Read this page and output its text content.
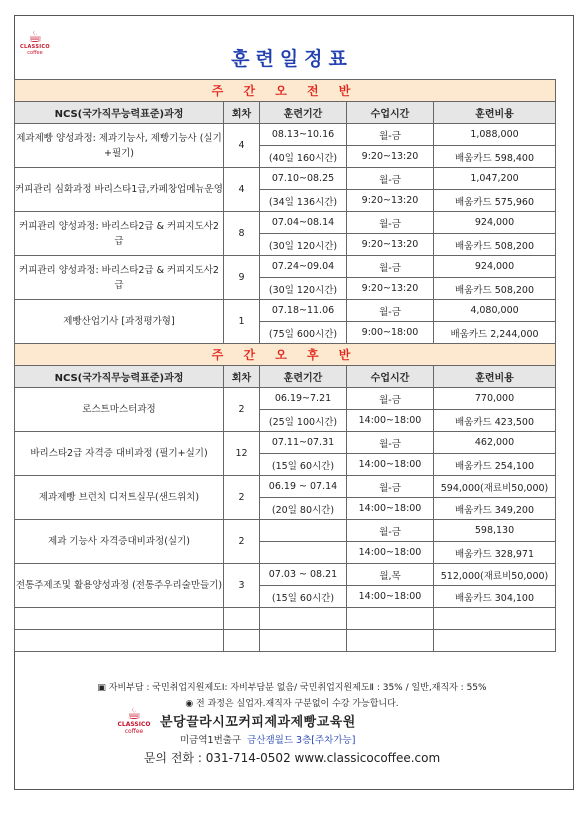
☕
CLASSICO
coffee	훈련일정표
주 간 오 전 반				
NCS(국가직무능력표준)과정	회차	훈련기간	수업시간	훈련비용
제과제빵 양성과정: 제과기능사, 제빵기능사 (실기+필기)	4	08.13~10.16	월-금	1,088,000
		(40일 160시간)	9:20~13:20	배움카드 598,400
커피관리 심화과정 바리스타1급,카페창업메뉴운영	4	07.10~08.25	월-금	1,047,200
		(34일 136시간)	9:20~13:20	배움카드 575,960
커피관리 양성과정: 바리스타2급 & 커피지도사2급	8	07.04~08.14	월-금	924,000
		(30일 120시간)	9:20~13:20	배움카드 508,200
커피관리 양성과정: 바리스타2급 & 커피지도사2급	9	07.24~09.04	월-금	924,000
		(30일 120시간)	9:20~13:20	배움카드 508,200
제빵산업기사 [과정평가형]	1	07.18~11.06	월-금	4,080,000
		(75일 600시간)	9:00~18:00	배움카드 2,244,000
주 간 오 후 반				
NCS(국가직무능력표준)과정	회차	훈련기간	수업시간	훈련비용
로스트마스터과정	2	06.19~7.21	월-금	770,000
		(25일 100시간)	14:00~18:00	배움카드 423,500
바리스타2급 자격증 대비과정 (필기+실기)	12	07.11~07.31	월-금	462,000
		(15일 60시간)	14:00~18:00	배움카드 254,100
제과제빵 브런치 디저트실무(샌드위치)	2	06.19 ~ 07.14	월-금	594,000(재료비50,000)
		(20일 80시간)	14:00~18:00	배움카드 349,200
제과 기능사 자격증대비과정(실기)	2		월-금	598,130
			14:00~18:00	배움카드 328,971
전통주제조및 활용양성과정 (전통주우리술만들기)	3	07.03 ~ 08.21	월,목	512,000(재료비50,000)
		(15일 60시간)	14:00~18:00	배움카드 304,100

▣ 자비부담 : 국민취업지원제도Ⅰ: 자비부담분 없음/ 국민취업지원제도Ⅱ : 35% / 일반,재직자 : 55%
◉ 전 과정은 실업자.재직자 구분없이 수강 가능합니다.
☕
CLASSICO
coffee
분당끌라시꼬커피제과제빵교육원
미금역1번출구 금산잼월드 3층[주차가능]
문의 전화 : 031-714-0502 www.classicocoffee.com
